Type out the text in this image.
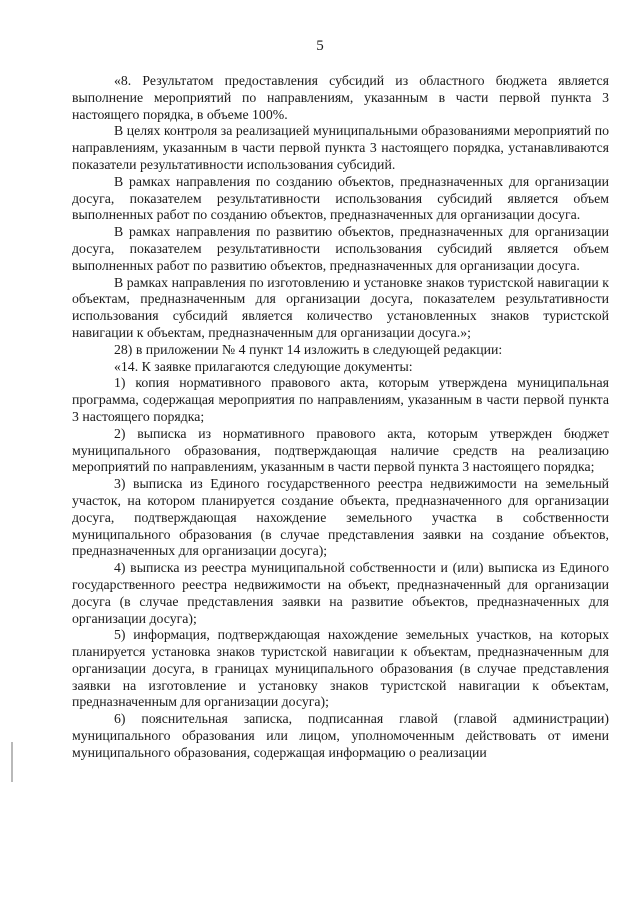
5

«8. Результатом предоставления субсидий из областного бюджета является выполнение мероприятий по направлениям, указанным в части первой пункта 3 настоящего порядка, в объеме 100%.

В целях контроля за реализацией муниципальными образованиями мероприятий по направлениям, указанным в части первой пункта 3 настоящего порядка, устанавливаются показатели результативности использования субсидий.

В рамках направления по созданию объектов, предназначенных для организации досуга, показателем результативности использования субсидий является объем выполненных работ по созданию объектов, предназначенных для организации досуга.

В рамках направления по развитию объектов, предназначенных для организации досуга, показателем результативности использования субсидий является объем выполненных работ по развитию объектов, предназначенных для организации досуга.

В рамках направления по изготовлению и установке знаков туристской навигации к объектам, предназначенным для организации досуга, показателем результативности использования субсидий является количество установленных знаков туристской навигации к объектам, предназначенным для организации досуга.»;

28) в приложении № 4 пункт 14 изложить в следующей редакции:

«14. К заявке прилагаются следующие документы:

1) копия нормативного правового акта, которым утверждена муниципальная программа, содержащая мероприятия по направлениям, указанным в части первой пункта 3 настоящего порядка;

2) выписка из нормативного правового акта, которым утвержден бюджет муниципального образования, подтверждающая наличие средств на реализацию мероприятий по направлениям, указанным в части первой пункта 3 настоящего порядка;

3) выписка из Единого государственного реестра недвижимости на земельный участок, на котором планируется создание объекта, предназначенного для организации досуга, подтверждающая нахождение земельного участка в собственности муниципального образования (в случае представления заявки на создание объектов, предназначенных для организации досуга);

4) выписка из реестра муниципальной собственности и (или) выписка из Единого государственного реестра недвижимости на объект, предназначенный для организации досуга (в случае представления заявки на развитие объектов, предназначенных для организации досуга);

5) информация, подтверждающая нахождение земельных участков, на которых планируется установка знаков туристской навигации к объектам, предназначенным для организации досуга, в границах муниципального образования (в случае представления заявки на изготовление и установку знаков туристской навигации к объектам, предназначенным для организации досуга);

6) пояснительная записка, подписанная главой (главой администрации) муниципального образования или лицом, уполномоченным действовать от имени муниципального образования, содержащая информацию о реализации
